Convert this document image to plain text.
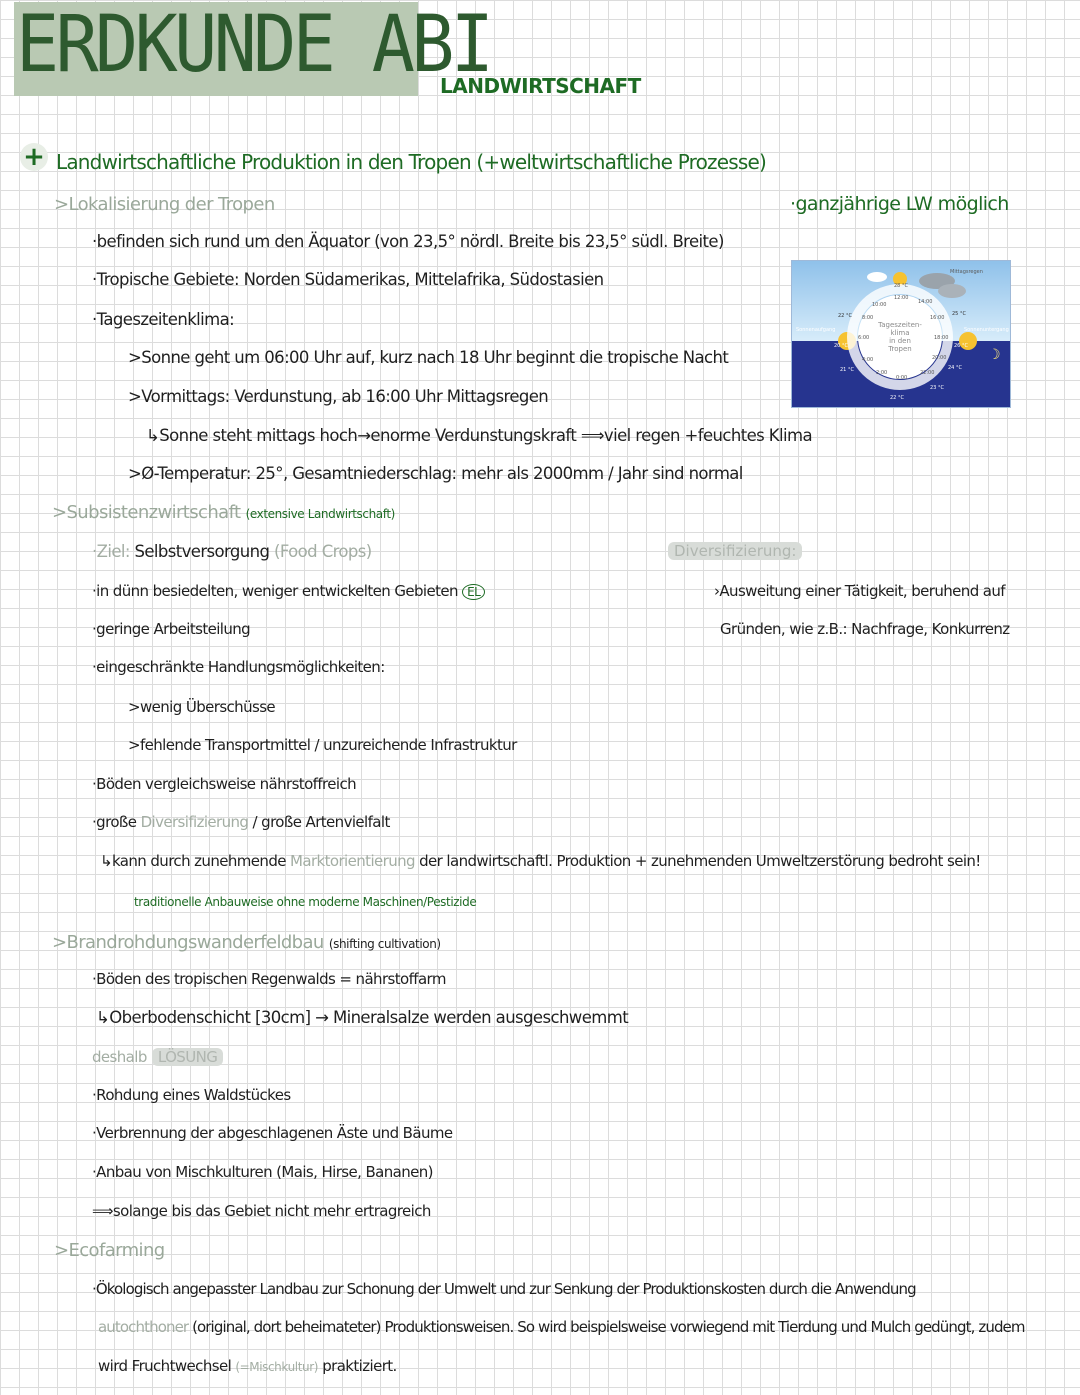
ERDKUNDE ABI
LANDWIRTSCHAFT
+ Landwirtschaftliche Produktion in den Tropen (+weltwirtschaftliche Prozesse)
>Lokalisierung der Tropen
·befinden sich rund um den Äquator (von 23,5° nördl. Breite bis 23,5° südl. Breite)
·Tropische Gebiete: Norden Südamerikas, Mittelafrika, Südostasien
·Tageszeitenklima:
>Sonne geht um 06:00 Uhr auf, kurz nach 18 Uhr beginnt die tropische Nacht
>Vormittags: Verdunstung, ab 16:00 Uhr Mittagsregen
↳Sonne steht mittags hoch→enorme Verdunstungskraft ⟹viel regen +feuchtes Klima
>Ø-Temperatur: 25°, Gesamtniederschlag: mehr als 2000mm / Jahr sind normal
·ganzjährige LW möglich
☽
Tageszeiten-
klima
in den
Tropen
Sonnenaufgang	Sonnenuntergang
Mittagsregen
28 °C
12:00
14:00
10:00
8:00
6:00
4:00
2:00
0:00
22:00
20:00
18:00
16:00
22 °C
20 °C
21 °C
22 °C
23 °C
24 °C
26 °C
25 °C
>Subsistenzwirtschaft (extensive Landwirtschaft)
·Ziel: Selbstversorgung (Food Crops)
·in dünn besiedelten, weniger entwickelten Gebieten EL
·geringe Arbeitsteilung
·eingeschränkte Handlungsmöglichkeiten:
>wenig Überschüsse
>fehlende Transportmittel / unzureichende Infrastruktur
·Böden vergleichsweise nährstoffreich
·große Diversifizierung / große Artenvielfalt
↳kann durch zunehmende Marktorientierung der landwirtschaftl. Produktion + zunehmenden Umweltzerstörung bedroht sein!
Diversifizierung:
›Ausweitung einer Tätigkeit, beruhend auf
Gründen, wie z.B.: Nachfrage, Konkurrenz
traditionelle Anbauweise ohne moderne Maschinen/Pestizide
>Brandrohdungswanderfeldbau (shifting cultivation)
·Böden des tropischen Regenwalds = nährstoffarm
↳Oberbodenschicht [30cm] → Mineralsalze werden ausgeschwemmt
deshalb LÖSUNG
·Rohdung eines Waldstückes
·Verbrennung der abgeschlagenen Äste und Bäume
·Anbau von Mischkulturen (Mais, Hirse, Bananen)
⟹solange bis das Gebiet nicht mehr ertragreich
>Ecofarming
·Ökologisch angepasster Landbau zur Schonung der Umwelt und zur Senkung der Produktionskosten durch die Anwendung
autochthoner (original, dort beheimateter) Produktionsweisen. So wird beispielsweise vorwiegend mit Tierdung und Mulch gedüngt, zudem
wird Fruchtwechsel (=Mischkultur) praktiziert.
